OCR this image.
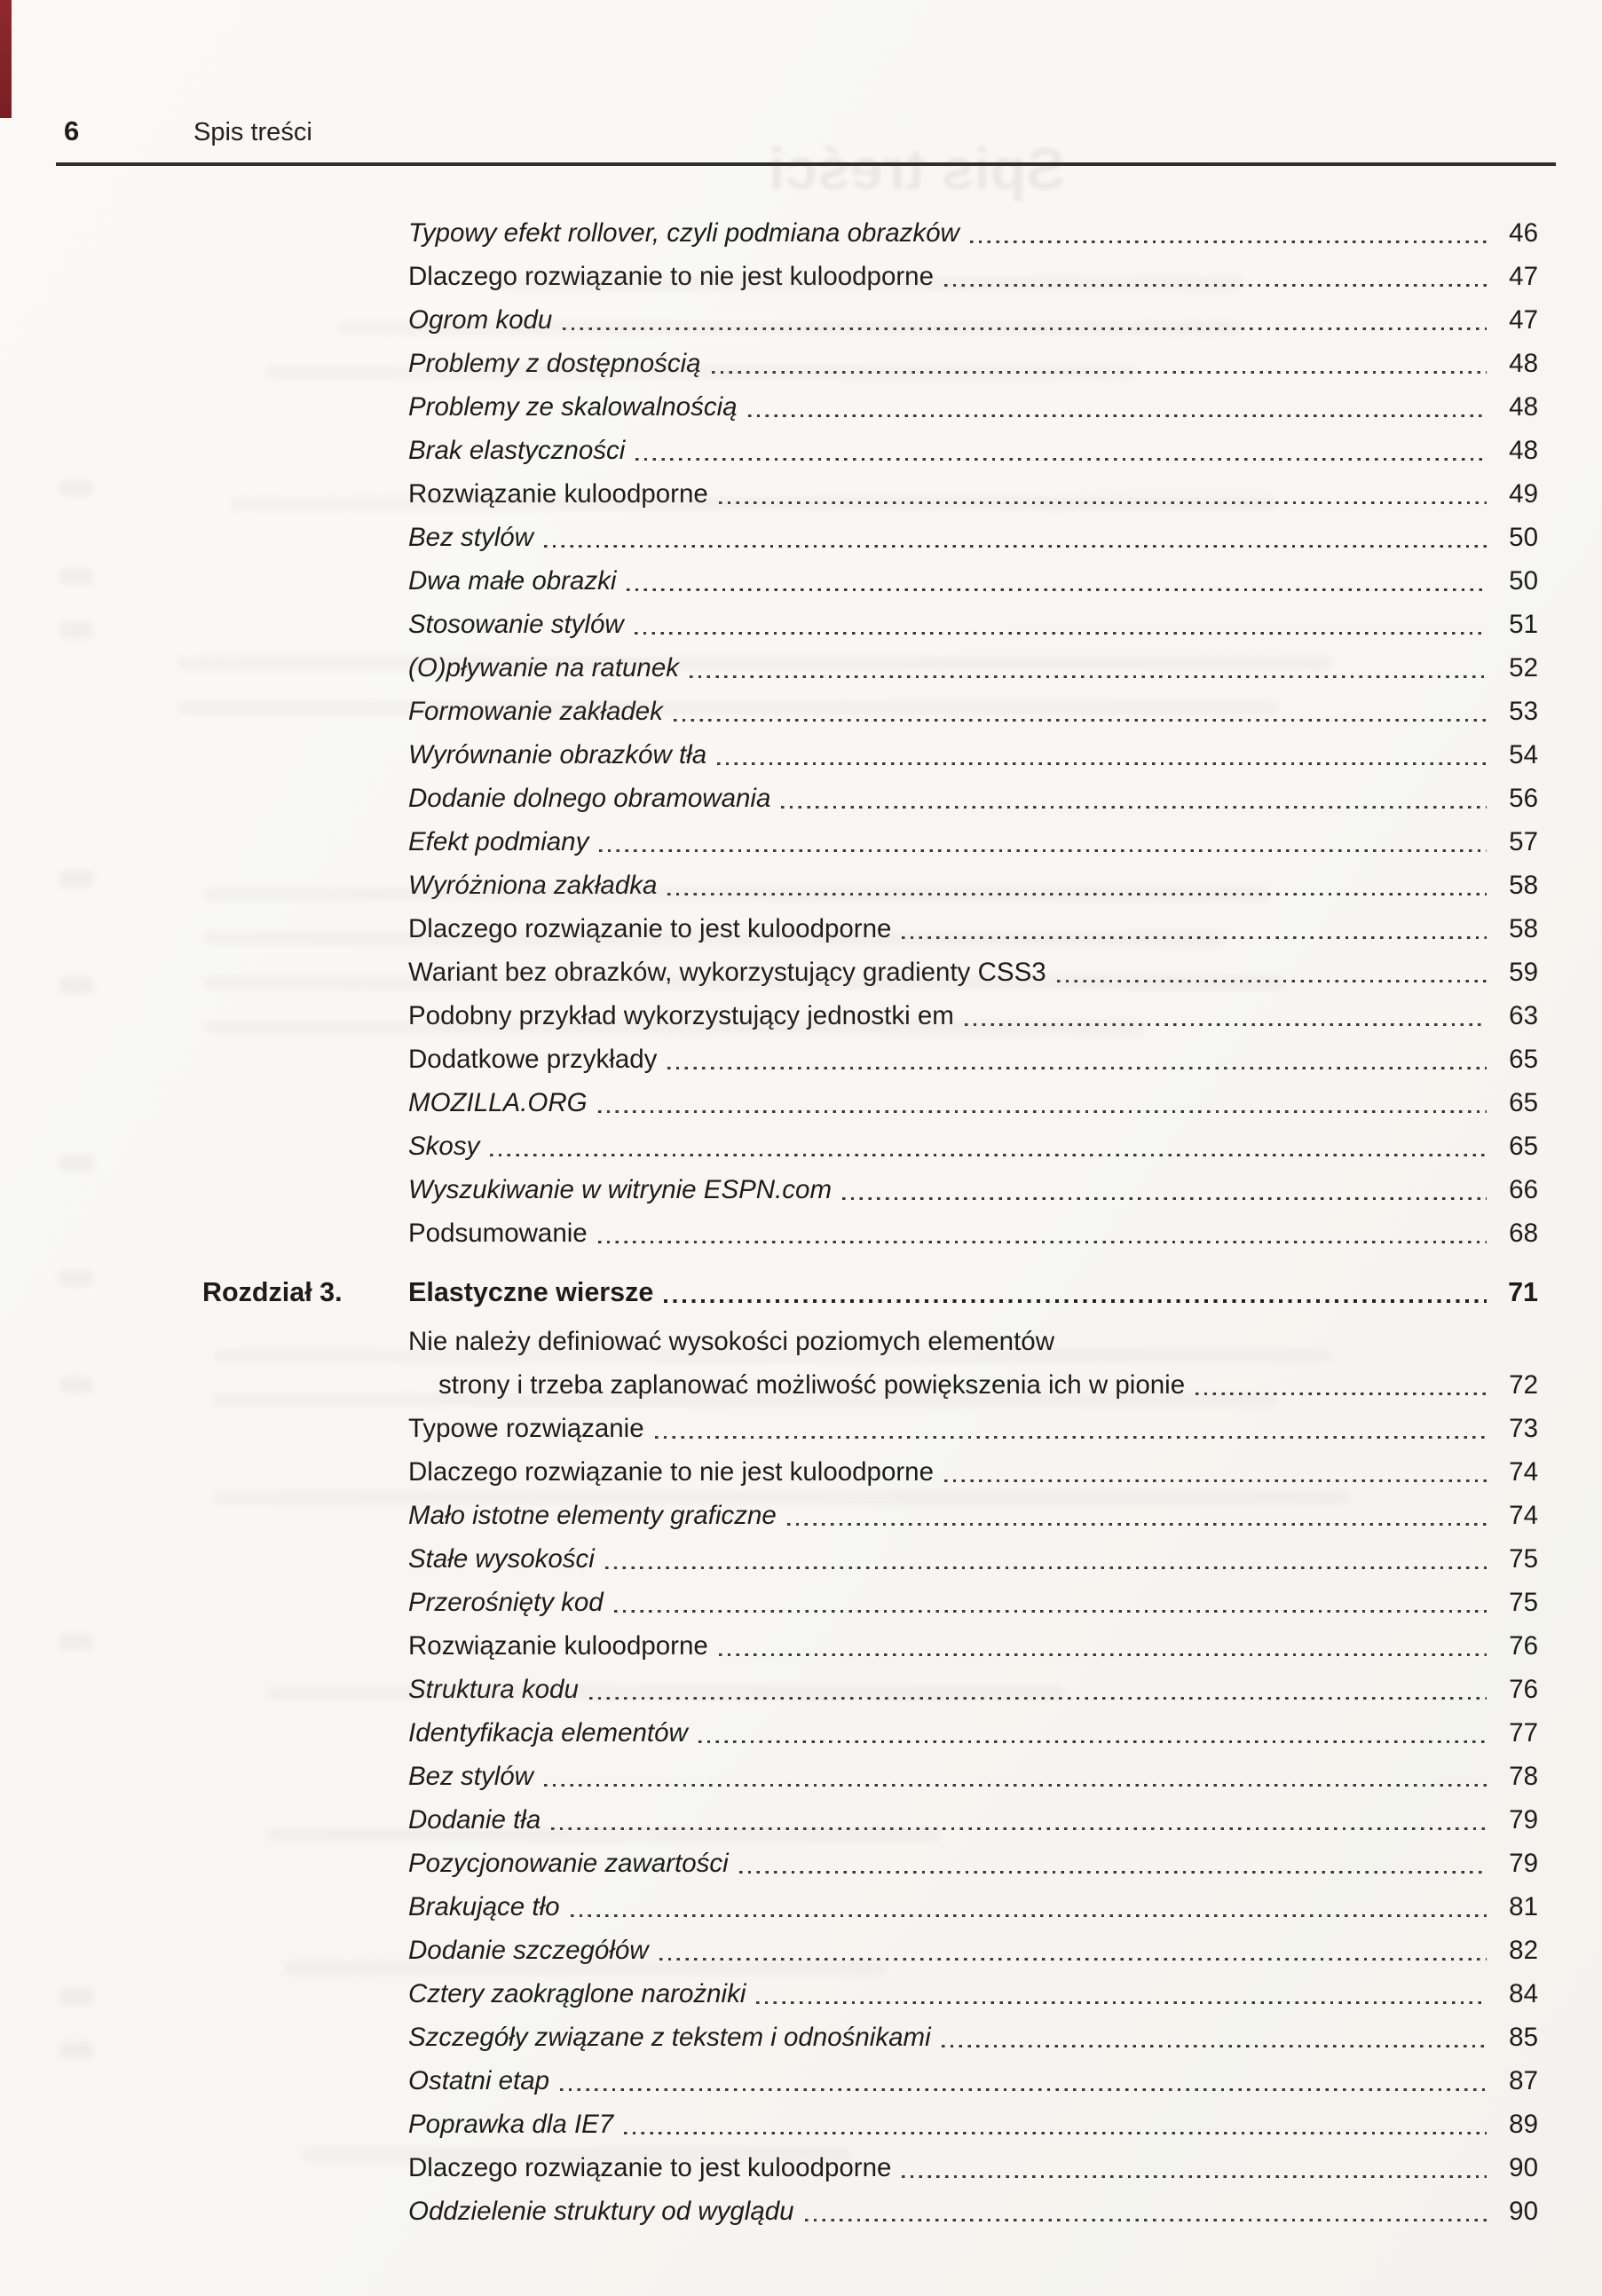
Spis treści
6	Spis treści
Typowy efekt rollover, czyli podmiana obrazków	46
Dlaczego rozwiązanie to nie jest kuloodporne	47
Ogrom kodu	47
Problemy z dostępnością	48
Problemy ze skalowalnością	48
Brak elastyczności	48
Rozwiązanie kuloodporne	49
Bez stylów	50
Dwa małe obrazki	50
Stosowanie stylów	51
(O)pływanie na ratunek	52
Formowanie zakładek	53
Wyrównanie obrazków tła	54
Dodanie dolnego obramowania	56
Efekt podmiany	57
Wyróżniona zakładka	58
Dlaczego rozwiązanie to jest kuloodporne	58
Wariant bez obrazków, wykorzystujący gradienty CSS3	59
Podobny przykład wykorzystujący jednostki em	63
Dodatkowe przykłady	65
MOZILLA.ORG	65
Skosy	65
Wyszukiwanie w witrynie ESPN.com	66
Podsumowanie	68
Rozdział 3.	Elastyczne wiersze	71
Nie należy definiować wysokości poziomych elementów
strony i trzeba zaplanować możliwość powiększenia ich w pionie	72
Typowe rozwiązanie	73
Dlaczego rozwiązanie to nie jest kuloodporne	74
Mało istotne elementy graficzne	74
Stałe wysokości	75
Przerośnięty kod	75
Rozwiązanie kuloodporne	76
Struktura kodu	76
Identyfikacja elementów	77
Bez stylów	78
Dodanie tła	79
Pozycjonowanie zawartości	79
Brakujące tło	81
Dodanie szczegółów	82
Cztery zaokrąglone narożniki	84
Szczegóły związane z tekstem i odnośnikami	85
Ostatni etap	87
Poprawka dla IE7	89
Dlaczego rozwiązanie to jest kuloodporne	90
Oddzielenie struktury od wyglądu	90
